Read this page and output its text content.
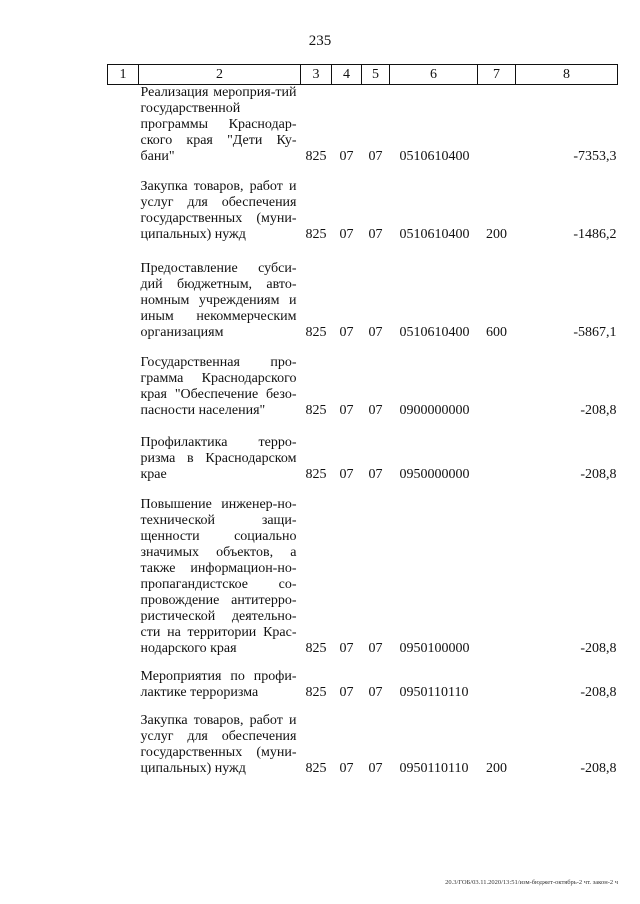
235
1	2	3	4	5	6	7	8
	Реализация мероприя-тий государственной программы Краснодар-ского края "Дети Ку-бани"	825	07	07	0510610400		-7353,3
	Закупка товаров, работ и услуг для обеспечения государственных (муни-ципальных) нужд	825	07	07	0510610400	200	-1486,2
	Предоставление субси-дий бюджетным, авто-номным учреждениям и иным некоммерческим организациям	825	07	07	0510610400	600	-5867,1
	Государственная про-грамма Краснодарского края "Обеспечение безо-пасности населения"	825	07	07	0900000000		-208,8
	Профилактика терро-ризма в Краснодарском крае	825	07	07	0950000000		-208,8
	Повышение инженер-но-технической защи-щенности социально значимых объектов, а также информацион-но-пропагандистское со-провождение антитерро-ристической деятельно-сти на территории Крас-нодарского края	825	07	07	0950100000		-208,8
	Мероприятия по профи-лактике терроризма	825	07	07	0950110110		-208,8
	Закупка товаров, работ и услуг для обеспечения государственных (муни-ципальных) нужд	825	07	07	0950110110	200	-208,8
20.3/ГОБ/03.11.2020/13:51/изм-бюджет-октябрь-2 чт. закон-2 ч
